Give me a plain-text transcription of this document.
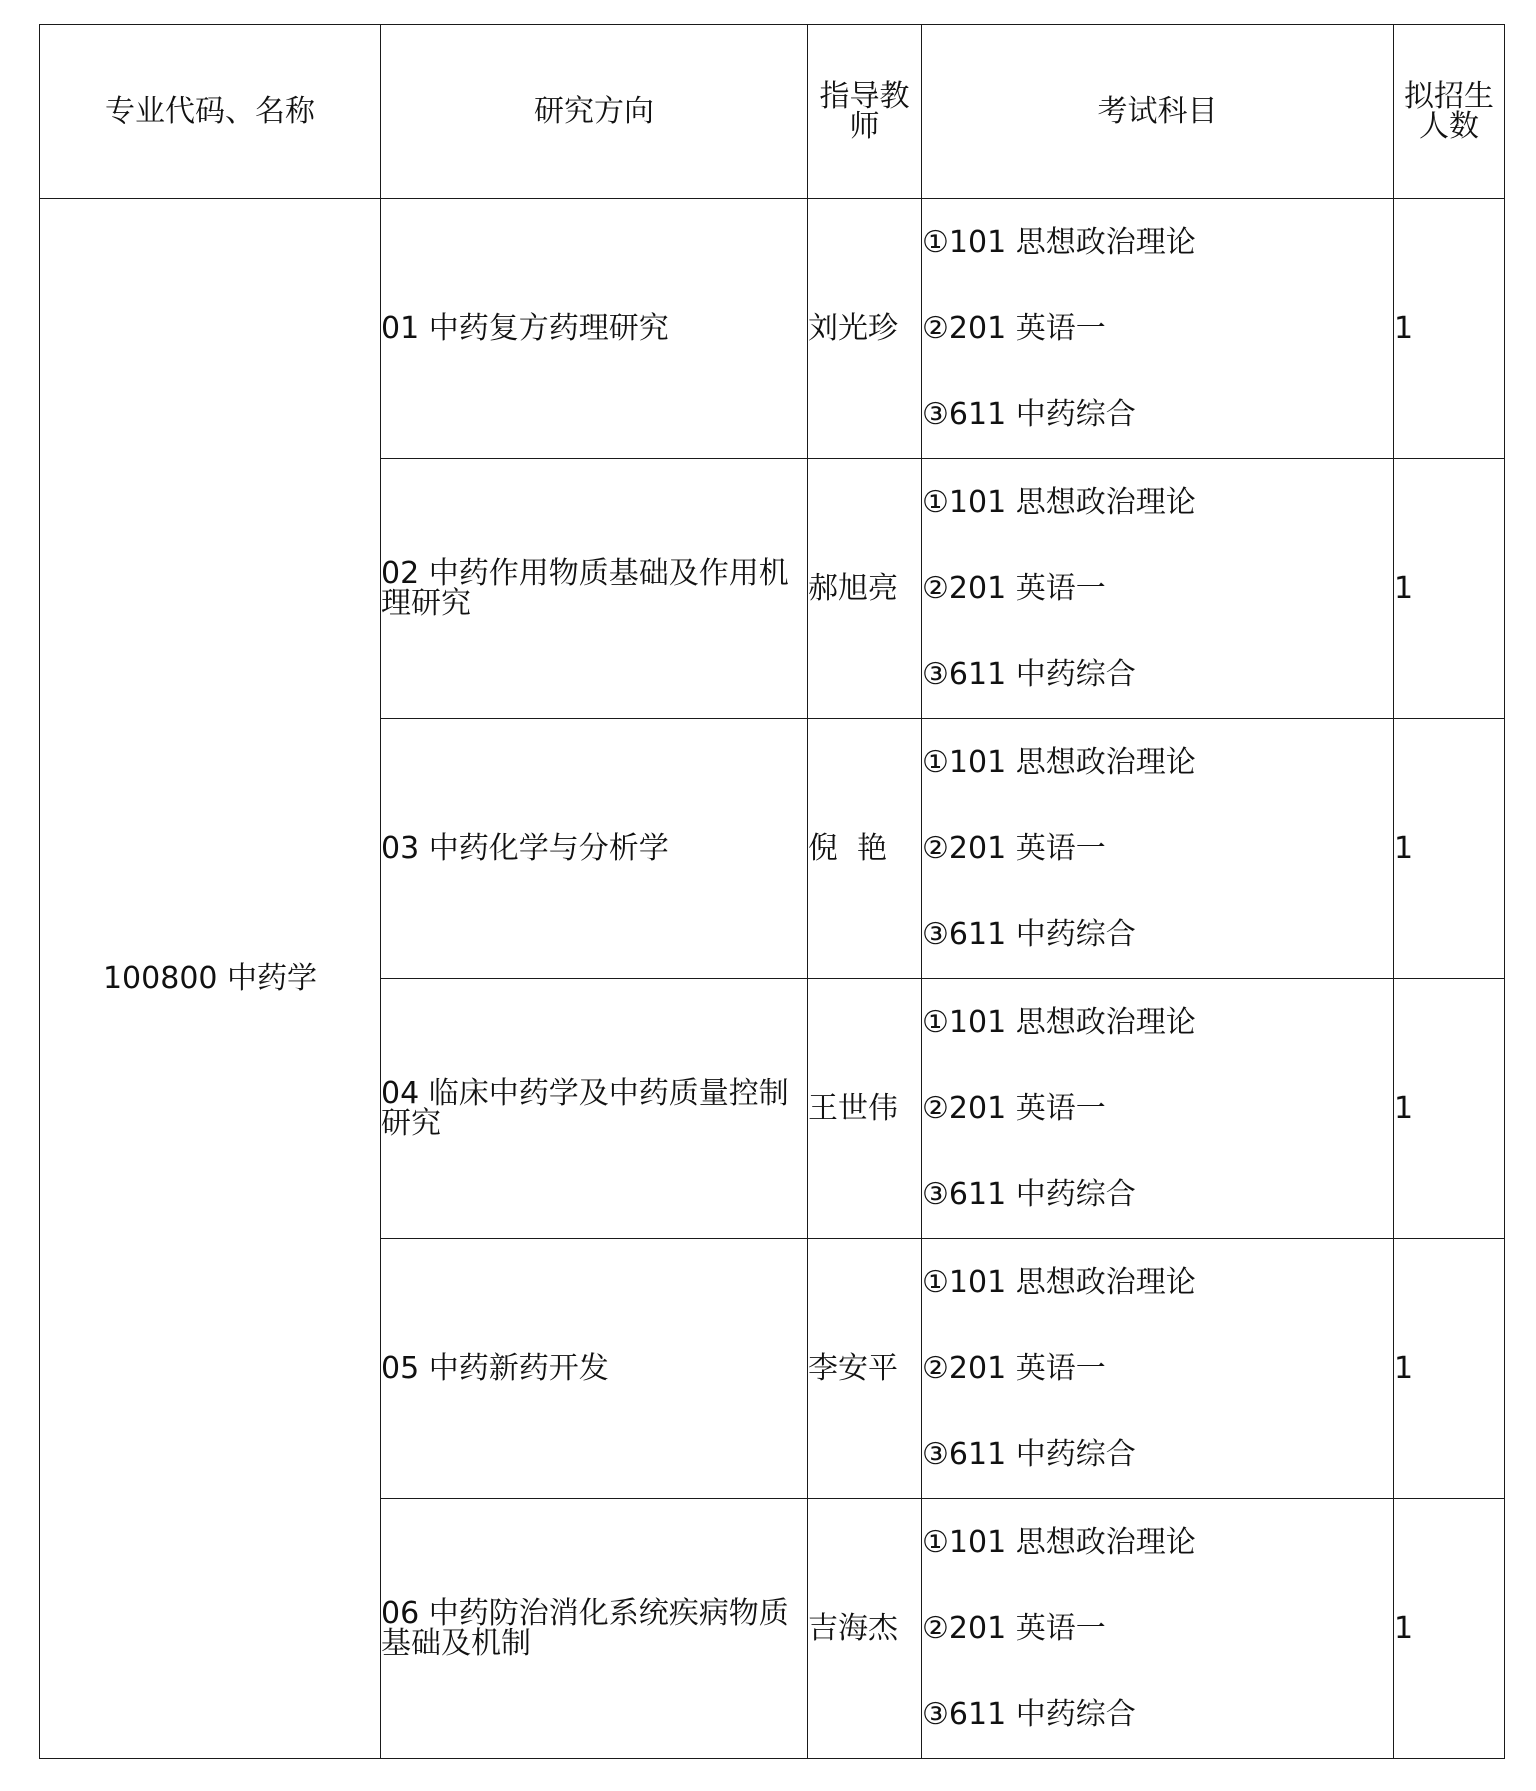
专业代码、名称	研究方向	指导教师	考试科目	拟招生人数
100800 中药学	01 中药复方药理研究	刘光珍	①101 思想政治理论
②201 英语一
③611 中药综合	1
	02 中药作用物质基础及作用机理研究	郝旭亮	①101 思想政治理论
②201 英语一
③611 中药综合	1
	03 中药化学与分析学	倪  艳	①101 思想政治理论
②201 英语一
③611 中药综合	1
	04 临床中药学及中药质量控制研究	王世伟	①101 思想政治理论
②201 英语一
③611 中药综合	1
	05 中药新药开发	李安平	①101 思想政治理论
②201 英语一
③611 中药综合	1
	06 中药防治消化系统疾病物质基础及机制	吉海杰	①101 思想政治理论
②201 英语一
③611 中药综合	1
